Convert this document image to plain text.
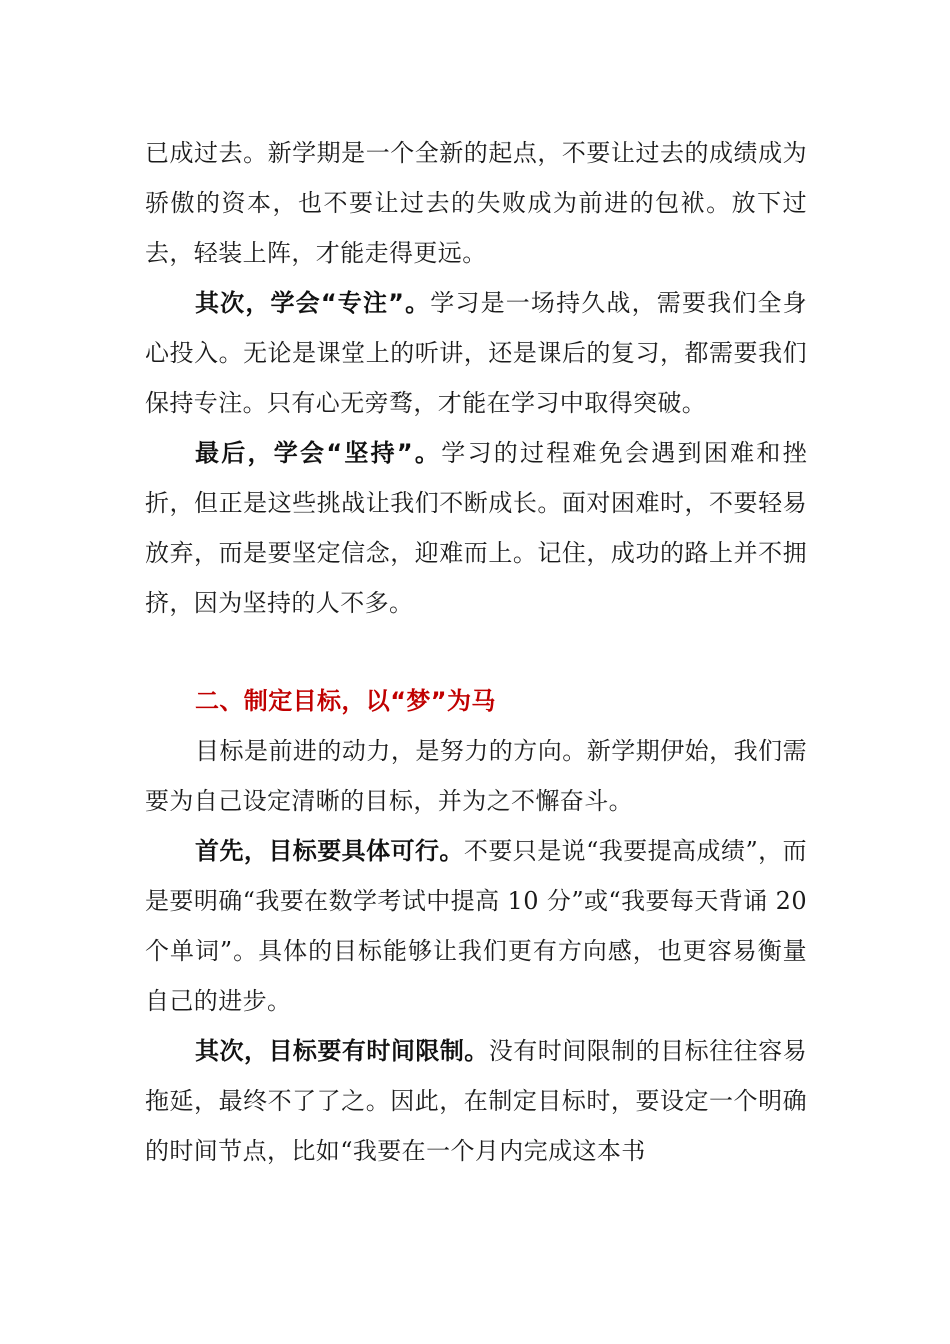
已成过去。新学期是一个全新的起点，不要让过去的成绩成为骄傲的资本，也不要让过去的失败成为前进的包袱。放下过去，轻装上阵，才能走得更远。

其次，学会“专注”。学习是一场持久战，需要我们全身心投入。无论是课堂上的听讲，还是课后的复习，都需要我们保持专注。只有心无旁骛，才能在学习中取得突破。

最后，学会“坚持”。学习的过程难免会遇到困难和挫折，但正是这些挑战让我们不断成长。面对困难时，不要轻易放弃，而是要坚定信念，迎难而上。记住，成功的路上并不拥挤，因为坚持的人不多。

二、制定目标，以“梦”为马

目标是前进的动力，是努力的方向。新学期伊始，我们需要为自己设定清晰的目标，并为之不懈奋斗。

首先，目标要具体可行。不要只是说“我要提高成绩”，而是要明确“我要在数学考试中提高 10 分”或“我要每天背诵 20 个单词”。具体的目标能够让我们更有方向感，也更容易衡量自己的进步。

其次，目标要有时间限制。没有时间限制的目标往往容易拖延，最终不了了之。因此，在制定目标时，要设定一个明确的时间节点，比如“我要在一个月内完成这本书
